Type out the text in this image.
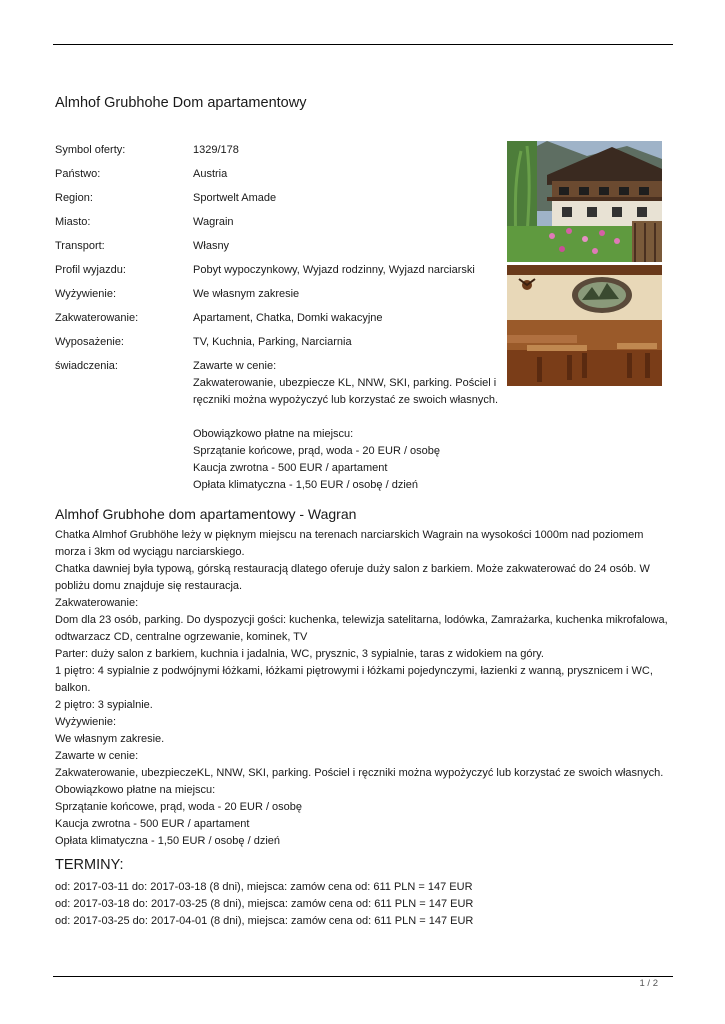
Almhof Grubhohe Dom apartamentowy
Symbol oferty:	1329/178
Państwo:	Austria
Region:	Sportwelt Amade
Miasto:	Wagrain
Transport:	Własny
Profil wyjazdu:	Pobyt wypoczynkowy, Wyjazd rodzinny, Wyjazd narciarski
Wyżywienie:	We własnym zakresie
Zakwaterowanie:	Apartament, Chatka, Domki wakacyjne
Wyposażenie:	TV, Kuchnia, Parking, Narciarnia
świadczenia:	Zawarte w cenie:
Zakwaterowanie, ubezpiecze KL, NNW, SKI, parking. Pościel i
ręczniki można wypożyczyć lub korzystać ze swoich własnych.
Obowiązkowo płatne na miejscu:
Sprzątanie końcowe, prąd, woda - 20 EUR / osobę
Kaucja zwrotna - 500 EUR / apartament
Opłata klimatyczna - 1,50 EUR / osobę / dzień
Almhof Grubhohe dom apartamentowy - Wagran
Chatka Almhof Grubhöhe leży w pięknym miejscu na terenach narciarskich Wagrain na wysokości 1000m nad poziomem morza i 3km od wyciągu narciarskiego.
Chatka dawniej była typową, górską restauracją dlatego oferuje duży salon z barkiem. Może zakwaterować do 24 osób. W pobliżu domu znajduje się restauracja.
Zakwaterowanie:
Dom dla 23 osób, parking. Do dyspozycji gości: kuchenka, telewizja satelitarna, lodówka, Zamrażarka, kuchenka mikrofalowa, odtwarzacz CD, centralne ogrzewanie, kominek, TV
Parter: duży salon z barkiem, kuchnia i jadalnia, WC, prysznic, 3 sypialnie, taras z widokiem na góry.
1 piętro: 4 sypialnie z podwójnymi łóżkami, łóżkami piętrowymi i łóżkami pojedynczymi, łazienki z wanną, prysznicem i WC, balkon.
2 piętro: 3 sypialnie.
Wyżywienie:
We własnym zakresie.
Zawarte w cenie:
Zakwaterowanie, ubezpieczeKL, NNW, SKI, parking. Pościel i ręczniki można wypożyczyć lub korzystać ze swoich własnych.
Obowiązkowo płatne na miejscu:
Sprzątanie końcowe, prąd, woda - 20 EUR / osobę
Kaucja zwrotna - 500 EUR / apartament
Opłata klimatyczna - 1,50 EUR / osobę / dzień
TERMINY:
od: 2017-03-11 do: 2017-03-18 (8 dni), miejsca: zamów cena od: 611 PLN = 147 EUR
od: 2017-03-18 do: 2017-03-25 (8 dni), miejsca: zamów cena od: 611 PLN = 147 EUR
od: 2017-03-25 do: 2017-04-01 (8 dni), miejsca: zamów cena od: 611 PLN = 147 EUR
1 / 2
